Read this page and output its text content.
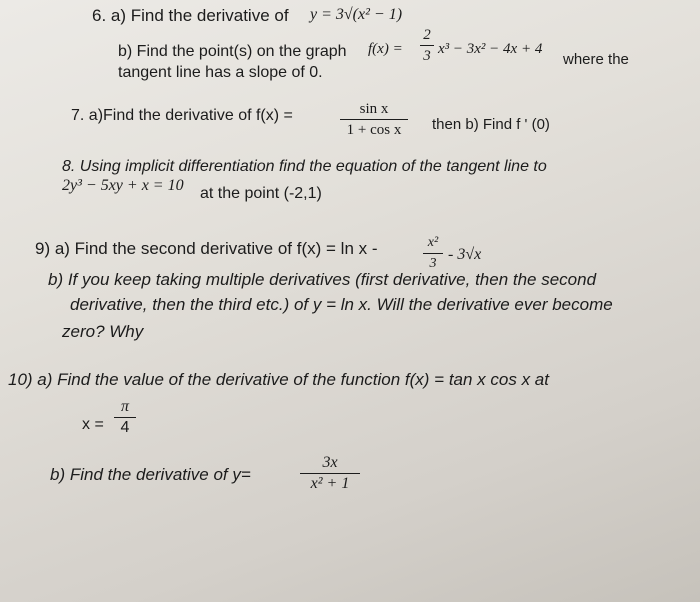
6. a) Find the derivative of y = 3√(x² − 1)
b) Find the point(s) on the graph f(x) =
2
3 x³ − 3x² − 4x + 4
where the
tangent line has a slope of 0.
7. a)Find the derivative of f(x) =	sin x
1 + cos x	then b) Find f ' (0)
8. Using implicit differentiation find the equation of the tangent line to
2y³ − 5xy + x = 10 at the point (-2,1)
9) a) Find the second derivative of f(x) = ln x -	x²
3
- 3√x
b) If you keep taking multiple derivatives (first derivative, then the second
derivative, then the third etc.) of y = ln x. Will the derivative ever become
zero? Why
10) a) Find the value of the derivative of the function f(x) = tan x cos x at
x =
π
4
b) Find the derivative of y=
3x
x² + 1
